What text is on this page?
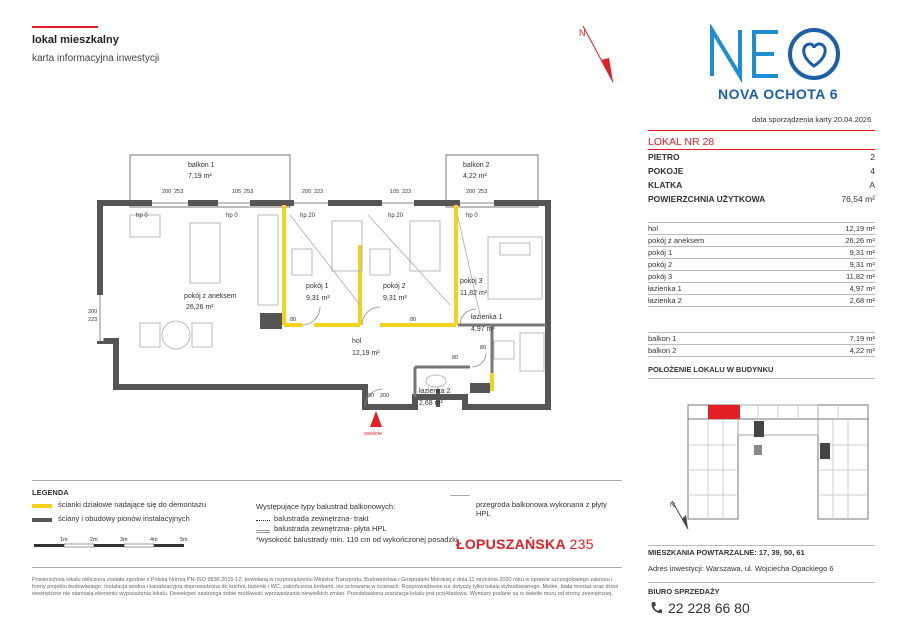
lokal mieszkalny
karta informacyjna inwestycji
N
NOVA OCHOTA 6
data sporządzenia karty 20.04.2026
LOKAL NR 28
PIETRO	2
POKOJE	4
KLATKA	A
POWIERZCHNIA UŻYTKOWA	76,54 m²
hol	12,19 m²
pokój z aneksem	26,26 m²
pokój 1	9,31 m²
pokój 2	9,31 m²
pokój 3	11,82 m²
łazienka 1	4,97 m²
łazienka 2	2,68 m²
balkon 1	7,19 m²
balkon 2	4,22 m²
POŁOŻENIE LOKALU W BUDYNKU
N
MIESZKANIA POWTARZALNE: 17, 39, 50, 61
Adres inwestycji: Warszawa, ul. Wojciecha Opackiego 6
BIURO SPRZEDAŻY
22 228 66 80
balkon 1
7,19 m²
balkon 2
4,22 m²
pokój z aneksem
26,26 m²
pokój 1
9,31 m²
pokój 2
9,31 m²
pokój 3
11,82 m²
łazienka 1
4,97 m²
hol
12,19 m²
łazienka 2
2,68 m²
hp 0	hp 0	hp 20	hp 20	hp 0
200
223	80	80
80
80
90 200
200 253	105 253	200 223	105 223	200 253
wejście
LEGENDA
ścianki działowe nadające się do demontażu
ściany i obudowy pionów instalacyjnych
Występujące typy balustrad balkonowych:
balustrada zewnętrzna- trakt
balustrada zewnętrzna- płyta HPL
*wysokość balustrady min. 110 cm od wykończonej posadzki
przegroda balkonowa wykonana z płyty HPL
1m	2m	3m	4m	5m	ŁOPUSZAŃSKA 235
Powierzchnia lokalu obliczona została zgodnie z Polską Normą PN-ISO 9836:2015-12, powołaną w rozporządzeniu Ministra Transportu, Budownictwa i Gospodarki Morskiej z dnia 11 września 2020 roku w sprawie szczegółowego zakresu i formy projektu budowlanego. Instalacja wodna i kanalizacyjna doprowadzona do kuchni, łazienki i WC, zakończona korkami, nie schowana w ścianach. Rozprowadzenie rur dotyczy tylko lokalu wybudowanego. Meble, białą montaż oraz drzwi wewnętrzne nie stanowią elementu wyposażenia lokalu. Deweloper zastrzega sobie możliwość wprowadzania niewielkich zmian. Przedstawiona aranżacja lokalu jest przykładowa. Wymiary podane są w świetle muru od strony zewnętrznej.
